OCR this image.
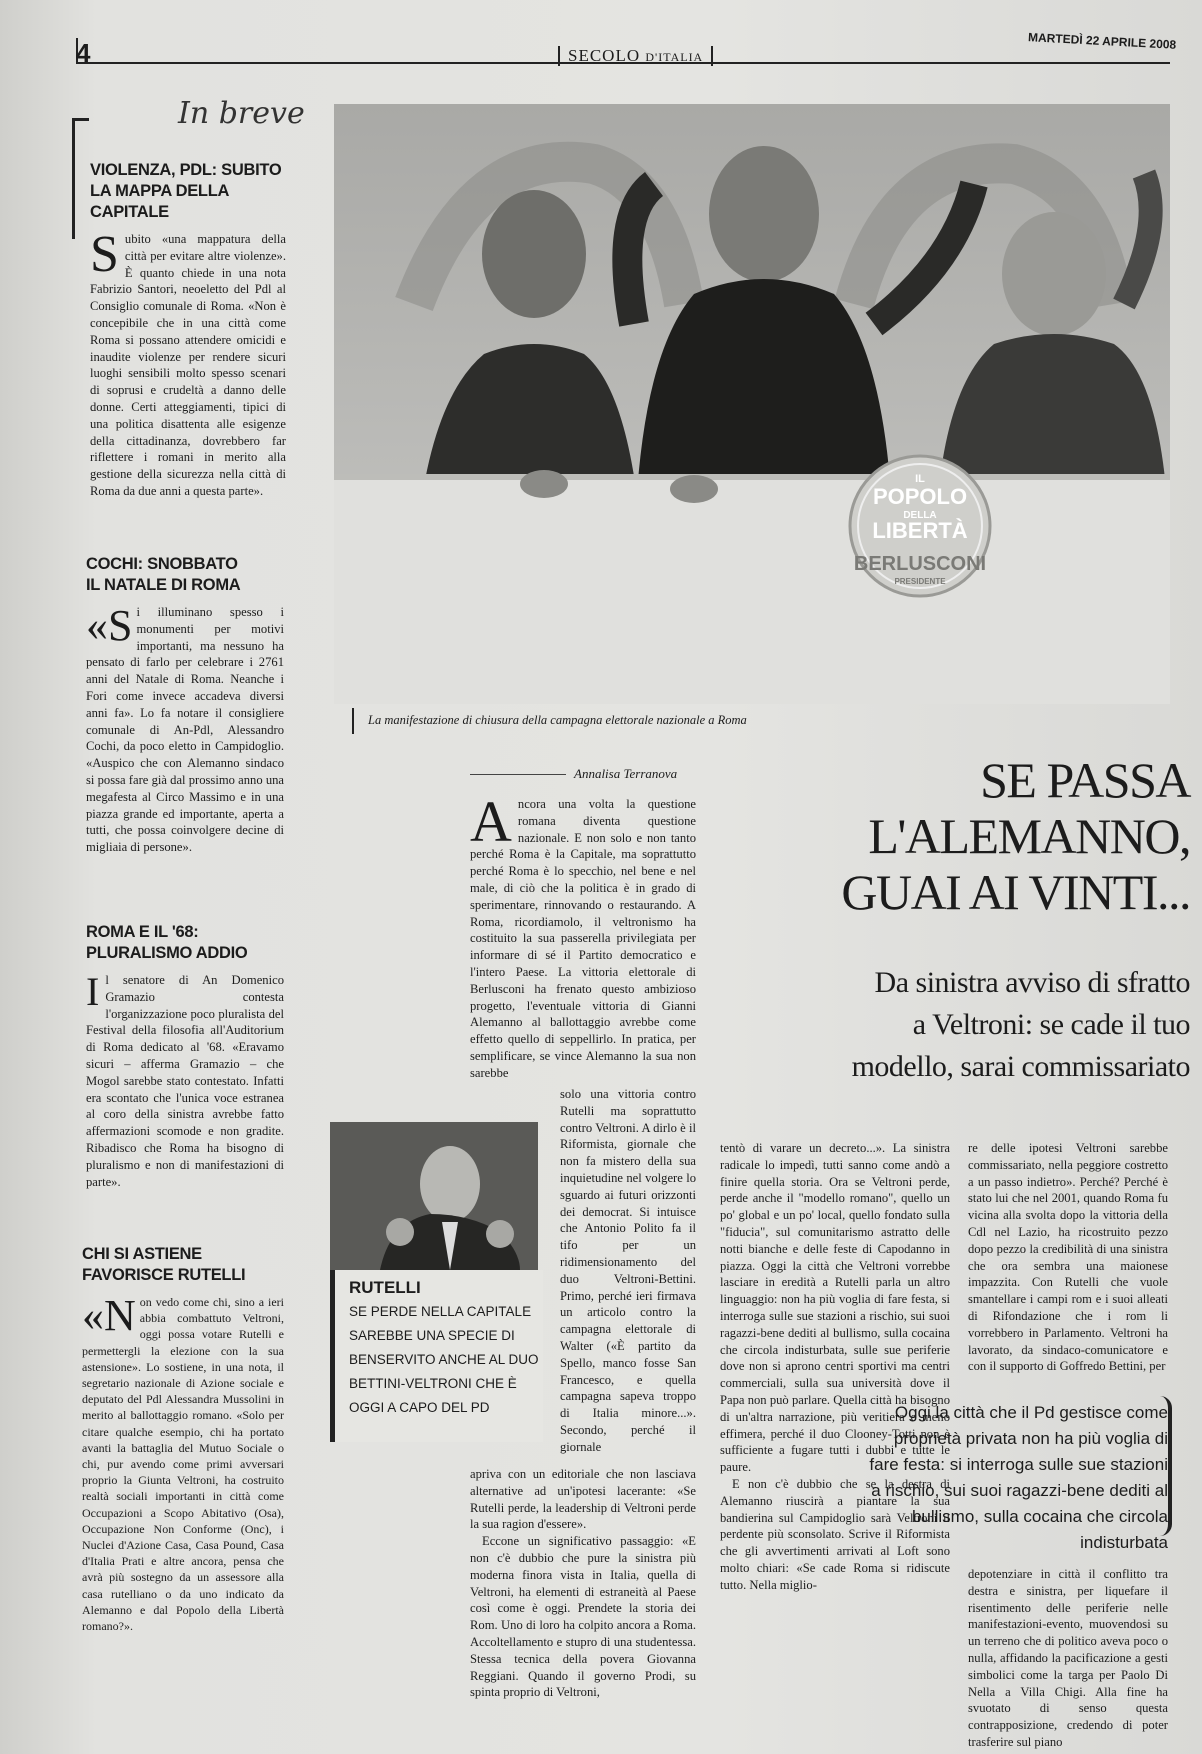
4	SECOLO D'ITALIA
MARTEDÌ 22 APRILE 2008
In breve
VIOLENZA, PDL: SUBITO
LA MAPPA DELLA CAPITALE
Subito «una mappatura della città per evitare altre violenze». È quanto chiede in una nota Fabrizio Santori, neoeletto del Pdl al Consiglio comunale di Roma. «Non è concepibile che in una città come Roma si possano attendere omicidi e inaudite violenze per rendere sicuri luoghi sensibili molto spesso scenari di soprusi e crudeltà a danno delle donne. Certi atteggiamenti, tipici di una politica disattenta alle esigenze della cittadinanza, dovrebbero far riflettere i romani in merito alla gestione della sicurezza nella città di Roma da due anni a questa parte».
COCHI: SNOBBATO
IL NATALE DI ROMA
«Si illuminano spesso i monumenti per motivi importanti, ma nessuno ha pensato di farlo per celebrare i 2761 anni del Natale di Roma. Neanche i Fori come invece accadeva diversi anni fa». Lo fa notare il consigliere comunale di An-Pdl, Alessandro Cochi, da poco eletto in Campidoglio. «Auspico che con Alemanno sindaco si possa fare già dal prossimo anno una megafesta al Circo Massimo e in una piazza grande ed importante, aperta a tutti, che possa coinvolgere decine di migliaia di persone».
ROMA E IL '68:
PLURALISMO ADDIO
Il senatore di An Domenico Gramazio contesta l'organizzazione poco pluralista del Festival della filosofia all'Auditorium di Roma dedicato al '68. «Eravamo sicuri – afferma Gramazio – che Mogol sarebbe stato contestato. Infatti era scontato che l'unica voce estranea al coro della sinistra avrebbe fatto affermazioni scomode e non gradite. Ribadisco che Roma ha bisogno di pluralismo e non di manifestazioni di parte».
CHI SI ASTIENE
FAVORISCE RUTELLI
«Non vedo come chi, sino a ieri abbia combattuto Veltroni, oggi possa votare Rutelli e permettergli la elezione con la sua astensione». Lo sostiene, in una nota, il segretario nazionale di Azione sociale e deputato del Pdl Alessandra Mussolini in merito al ballottaggio romano. «Solo per citare qualche esempio, chi ha portato avanti la battaglia del Mutuo Sociale o chi, pur avendo come primi avversari proprio la Giunta Veltroni, ha costruito realtà sociali importanti in città come Occupazioni a Scopo Abitativo (Osa), Occupazione Non Conforme (Onc), i Nuclei d'Azione Casa, Casa Pound, Casa d'Italia Prati e altre ancora, pensa che avrà più sostegno da un assessore alla casa rutelliano o da uno indicato da Alemanno e dal Popolo della Libertà romano?».
IL
POPOLO
DELLA
LIBERTÀ
BERLUSCONI
PRESIDENTE
La manifestazione di chiusura della campagna elettorale nazionale a Roma
SE PASSA
L'ALEMANNO,
GUAI AI VINTI...
Da sinistra avviso di sfratto
a Veltroni: se cade il tuo
modello, sarai commissariato
Annalisa Terranova
Ancora una volta la questione romana diventa questione nazionale. E non solo e non tanto perché Roma è la Capitale, ma soprattutto perché Roma è lo specchio, nel bene e nel male, di ciò che la politica è in grado di sperimentare, rinnovando o restaurando. A Roma, ricordiamolo, il veltronismo ha costituito la sua passerella privilegiata per informare di sé il Partito democratico e l'intero Paese. La vittoria elettorale di Berlusconi ha frenato questo ambizioso progetto, l'eventuale vittoria di Gianni Alemanno al ballottaggio avrebbe come effetto quello di seppellirlo. In pratica, per semplificare, se vince Alemanno la sua non sarebbe
solo una vittoria contro Rutelli ma soprattutto contro Veltroni. A dirlo è il Riformista, giornale che non fa mistero della sua inquietudine nel volgere lo sguardo ai futuri orizzonti dei democrat. Si intuisce che Antonio Polito fa il tifo per un ridimensionamento del duo Veltroni-Bettini. Primo, perché ieri firmava un articolo contro la campagna elettorale di Walter («È partito da Spello, manco fosse San Francesco, e quella campagna sapeva troppo di Italia minore...». Secondo, perché il giornale
apriva con un editoriale che non lasciava alternative ad un'ipotesi lacerante: «Se Rutelli perde, la leadership di Veltroni perde la sua ragion d'essere».
Eccone un significativo passaggio: «E non c'è dubbio che pure la sinistra più moderna finora vista in Italia, quella di Veltroni, ha elementi di estraneità al Paese così come è oggi. Prendete la storia dei Rom. Uno di loro ha colpito ancora a Roma. Accoltellamento e stupro di una studentessa. Stessa tecnica della povera Giovanna Reggiani. Quando il governo Prodi, su spinta proprio di Veltroni,
RUTELLI
SE PERDE NELLA CAPITALE SAREBBE UNA SPECIE DI BENSERVITO ANCHE AL DUO BETTINI-VELTRONI CHE È OGGI A CAPO DEL PD
tentò di varare un decreto...». La sinistra radicale lo impedì, tutti sanno come andò a finire quella storia. Ora se Veltroni perde, perde anche il "modello romano", quello un po' global e un po' local, quello fondato sulla "fiducia", sul comunitarismo astratto delle notti bianche e delle feste di Capodanno in piazza. Oggi la città che Veltroni vorrebbe lasciare in eredità a Rutelli parla un altro linguaggio: non ha più voglia di fare festa, si interroga sulle sue stazioni a rischio, sui suoi ragazzi-bene dediti al bullismo, sulla cocaina che circola indisturbata, sulle sue periferie dove non si aprono centri sportivi ma centri commerciali, sulla sua università dove il Papa non può parlare. Quella città ha bisogno di un'altra narrazione, più veritiera e meno effimera, perché il duo Clooney-Totti non è sufficiente a fugare tutti i dubbi e tutte le paure.
E non c'è dubbio che se la destra di Alemanno riuscirà a piantare la sua bandierina sul Campidoglio sarà Veltroni il perdente più sconsolato. Scrive il Riformista che gli avvertimenti arrivati al Loft sono molto chiari: «Se cade Roma si ridiscute tutto. Nella miglio-
re delle ipotesi Veltroni sarebbe commissariato, nella peggiore costretto a un passo indietro». Perché? Perché è stato lui che nel 2001, quando Roma fu vicina alla svolta dopo la vittoria della Cdl nel Lazio, ha ricostruito pezzo dopo pezzo la credibilità di una sinistra che ora sembra una maionese impazzita. Con Rutelli che vuole smantellare i campi rom e i suoi alleati di Rifondazione che i rom li vorrebbero in Parlamento. Veltroni ha lavorato, da sindaco-comunicatore e con il supporto di Goffredo Bettini, per
depotenziare in città il conflitto tra destra e sinistra, per liquefare il risentimento delle periferie nelle manifestazioni-evento, muovendosi su un terreno che di politico aveva poco o nulla, affidando la pacificazione a gesti simbolici come la targa per Paolo Di Nella a Villa Chigi. Alla fine ha svuotato di senso questa contrapposizione, credendo di poter trasferire sul piano
Oggi la città che il Pd gestisce come proprietà privata non ha più voglia di fare festa: si interroga sulle sue stazioni a rischio, sui suoi ragazzi-bene dediti al bullismo, sulla cocaina che circola indisturbata
